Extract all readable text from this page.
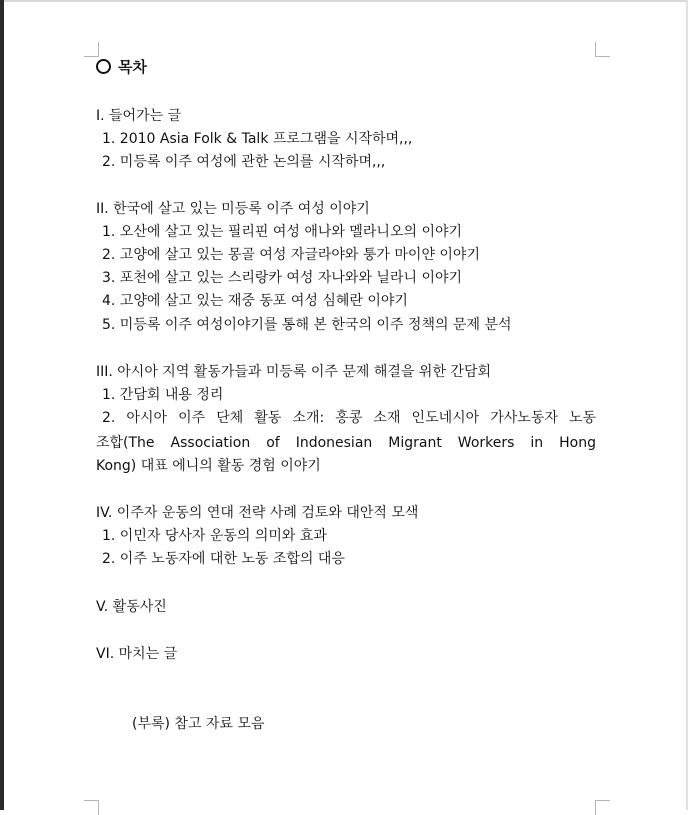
목차
I. 들어가는 글
1. 2010 Asia Folk & Talk 프로그램을 시작하며,,,
2. 미등록 이주 여성에 관한 논의를 시작하며,,,
II. 한국에 살고 있는 미등록 이주 여성 이야기
1. 오산에 살고 있는 필리핀 여성 애나와 멜라니오의 이야기
2. 고양에 살고 있는 몽골 여성 자글라야와 퉁가 마이얀 이야기
3. 포천에 살고 있는 스리랑카 여성 자나와와 닐라니 이야기
4. 고양에 살고 있는 재중 동포 여성 심혜란 이야기
5. 미등록 이주 여성이야기를 통해 본 한국의 이주 정책의 문제 분석
III. 아시아 지역 활동가들과 미등록 이주 문제 해결을 위한 간담회
1. 간담회 내용 정리
2. 아시아 이주 단체 활동 소개: 홍콩 소재 인도네시아 가사노동자 노동
조합(The Association of Indonesian Migrant Workers in Hong
Kong) 대표 에니의 활동 경험 이야기
IV. 이주자 운동의 연대 전략 사례 검토와 대안적 모색
1. 이민자 당사자 운동의 의미와 효과
2. 이주 노동자에 대한 노동 조합의 대응
V. 활동사진
VI. 마치는 글
(부록) 참고 자료 모음
